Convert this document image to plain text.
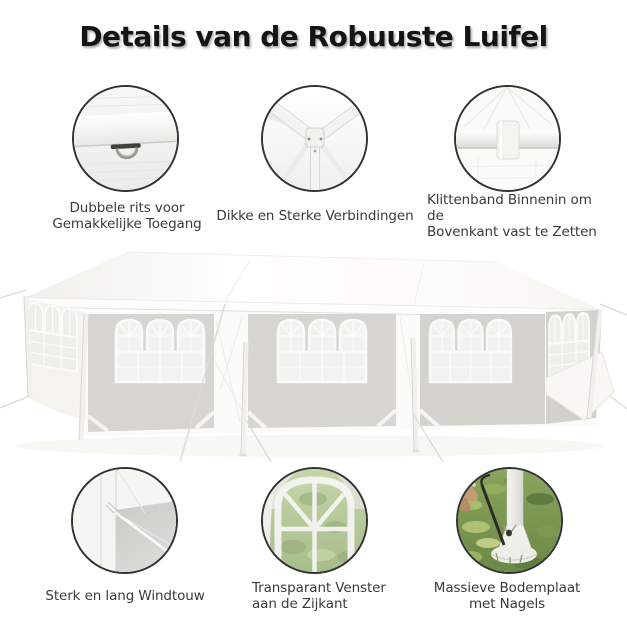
Details van de Robuuste Luifel
Dubbele rits voor
Gemakkelijke Toegang	Dikke en Sterke Verbindingen
Klittenband Binnenin om de
Bovenkant vast te Zetten
Sterk en lang Windtouw	Transparant Venster
aan de Zijkant
Massieve Bodemplaat
met Nagels
